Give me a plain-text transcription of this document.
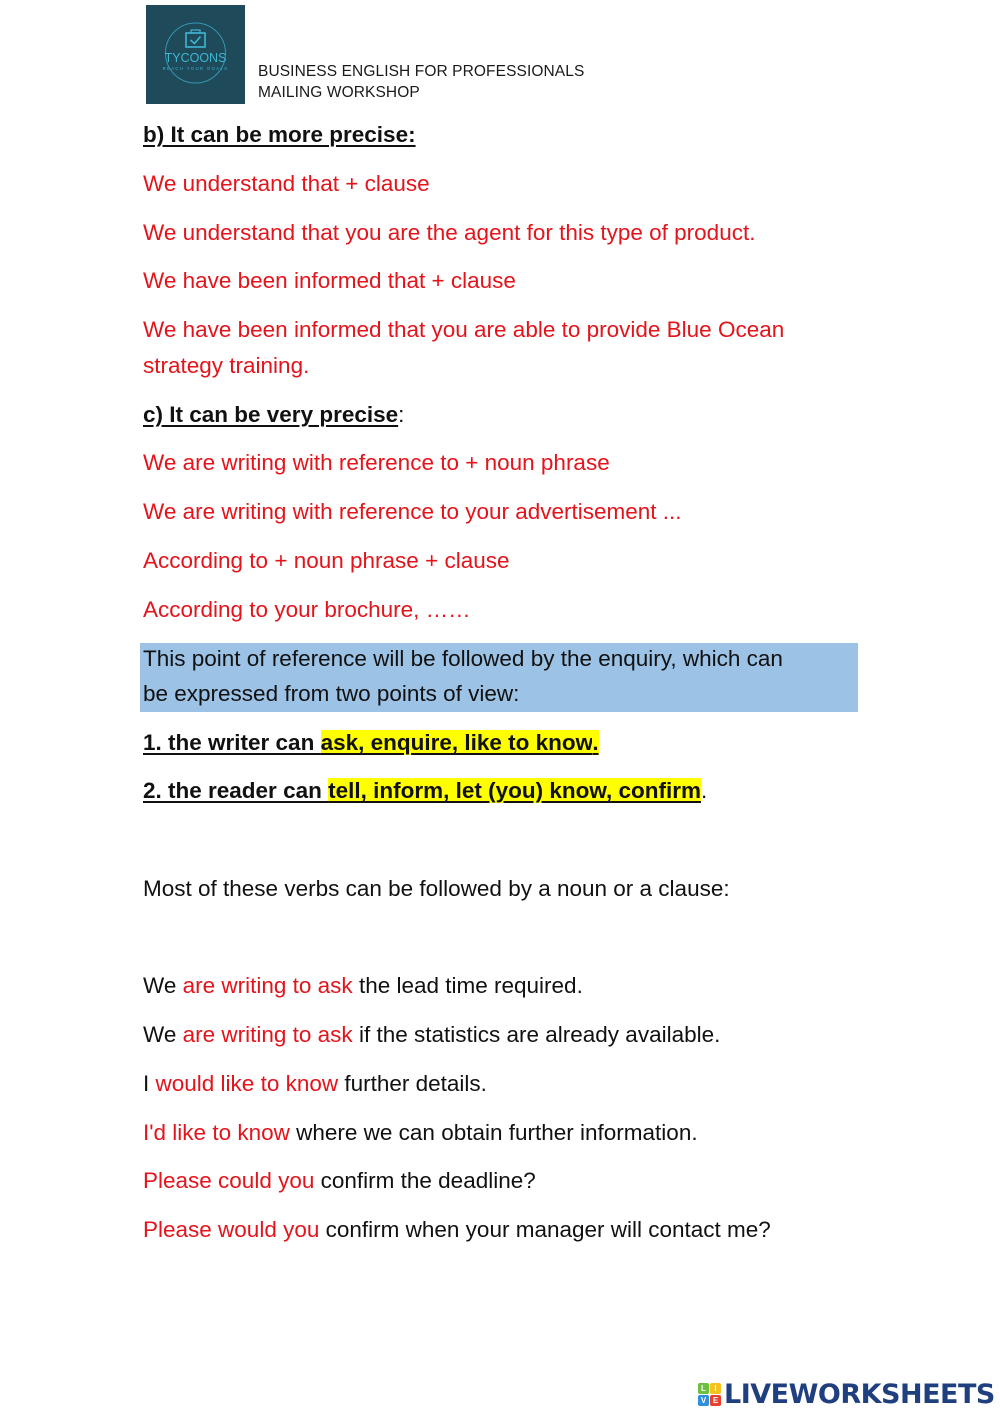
TYCOONS
REACH YOUR GOALS BUSINESS ENGLISH FOR PROFESSIONALS
MAILING WORKSHOP
b) It can be more precise:
We understand that + clause
We understand that you are the agent for this type of product.
We have been informed that + clause
We have been informed that you are able to provide Blue Ocean
strategy training.
c) It can be very precise:
We are writing with reference to + noun phrase
We are writing with reference to your advertisement ...
According to + noun phrase + clause
According to your brochure, ……
This point of reference will be followed by the enquiry, which can
be expressed from two points of view:
1. the writer can ask, enquire, like to know.
2. the reader can tell, inform, let (you) know, confirm.
Most of these verbs can be followed by a noun or a clause:
We are writing to ask the lead time required.
We are writing to ask if the statistics are already available.
I would like to know further details.
I'd like to know where we can obtain further information.
Please could you confirm the deadline?
Please would you confirm when your manager will contact me?
L	I
V E LIVEWORKSHEETS
